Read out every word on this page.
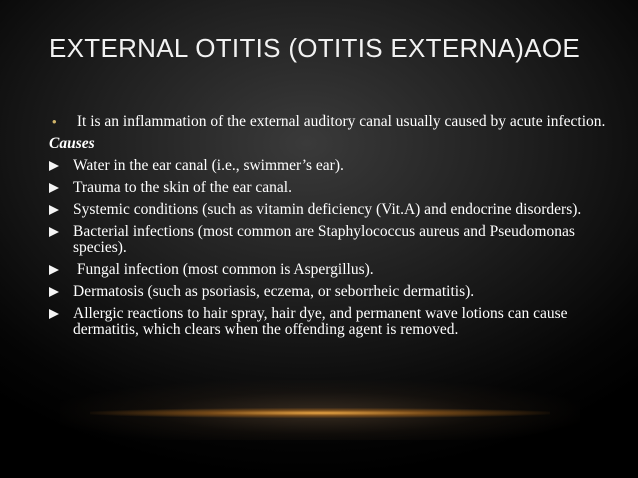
EXTERNAL OTITIS (OTITIS EXTERNA)AOE
• It is an inflammation of the external auditory canal usually caused by acute infection.
Causes
Water in the ear canal (i.e., swimmer’s ear).
Trauma to the skin of the ear canal.
Systemic conditions (such as vitamin deficiency (Vit.A) and endocrine disorders).
Bacterial infections (most common are Staphylococcus aureus and Pseudomonas species).
Fungal infection (most common is Aspergillus).
Dermatosis (such as psoriasis, eczema, or seborrheic dermatitis).
Allergic reactions to hair spray, hair dye, and permanent wave lotions can cause dermatitis, which clears when the offending agent is removed.
